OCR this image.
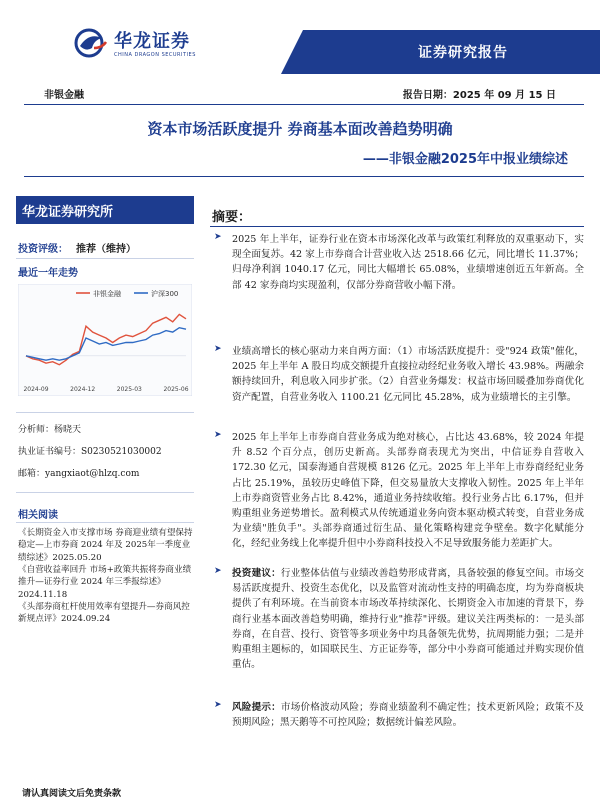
华龙证券
CHINA DRAGON SECURITIES	证券研究报告
非银金融	报告日期：2025 年 09 月 15 日
资本市场活跃度提升 券商基本面改善趋势明确
——非银金融2025年中报业绩综述
华龙证券研究所
投资评级： 推荐（维持）
最近一年走势
非银金融	沪深300
2024-09	2024-12	2025-03	2025-06
分析师：杨晓天
执业证书编号：S0230521030002
邮箱：yangxiaot@hlzq.com
相关阅读
《长期资金入市支撑市场 券商迎业绩有望保持稳定—上市券商 2024 年及 2025年一季度业绩综述》2025.05.20
《自营收益率回升 市场+政策共振将券商业绩推升—证券行业 2024 年三季报综述》2024.11.18
《头部券商杠杆使用效率有望提升—券商风控新规点评》2024.09.24
摘要：
➤ 2025 年上半年，证券行业在资本市场深化改革与政策红利释放的双重驱动下，实现全面复苏。42 家上市券商合计营业收入达 2518.66 亿元，同比增长 11.37%；归母净利润 1040.17 亿元，同比大幅增长 65.08%，业绩增速创近五年新高。全部 42 家券商均实现盈利，仅部分券商营收小幅下滑。
➤ 业绩高增长的核心驱动力来自两方面：（1）市场活跃度提升：受"924 政策"催化，2025 年上半年 A 股日均成交额提升直接拉动经纪业务收入增长 43.98%。两融余额持续回升，利息收入同步扩张。（2）自营业务爆发：权益市场回暖叠加券商优化资产配置，自营业务收入 1100.21 亿元同比 45.28%，成为业绩增长的主引擎。
➤ 2025 年上半年上市券商自营业务成为绝对核心，占比达 43.68%，较 2024 年提升 8.52 个百分点，创历史新高。头部券商表现尤为突出，中信证券自营收入 172.30 亿元，国泰海通自营规模 8126 亿元。2025 年上半年上市券商经纪业务占比 25.19%，虽较历史峰值下降，但交易量放大支撑收入韧性。2025 年上半年上市券商资管业务占比 8.42%，通道业务持续收缩。投行业务占比 6.17%，但并购重组业务逆势增长。盈利模式从传统通道业务向资本驱动模式转变，自营业务成为业绩"胜负手"。头部券商通过衍生品、量化策略构建竞争壁垒。数字化赋能分化，经纪业务线上化率提升但中小券商科技投入不足导致服务能力差距扩大。
➤ 投资建议：行业整体估值与业绩改善趋势形成背离，具备较强的修复空间。市场交易活跃度提升、投资生态优化，以及监管对流动性支持的明确态度，均为券商板块提供了有利环境。在当前资本市场改革持续深化、长期资金入市加速的背景下，券商行业基本面改善趋势明确，维持行业"推荐"评级。建议关注两类标的：一是头部券商，在自营、投行、资管等多项业务中均具备领先优势，抗周期能力强；二是并购重组主题标的，如国联民生、方正证券等，部分中小券商可能通过并购实现价值重估。
➤ 风险提示：市场价格波动风险；券商业绩盈利不确定性；技术更新风险；政策不及预期风险；黑天鹅等不可控风险；数据统计偏差风险。
请认真阅读文后免责条款
